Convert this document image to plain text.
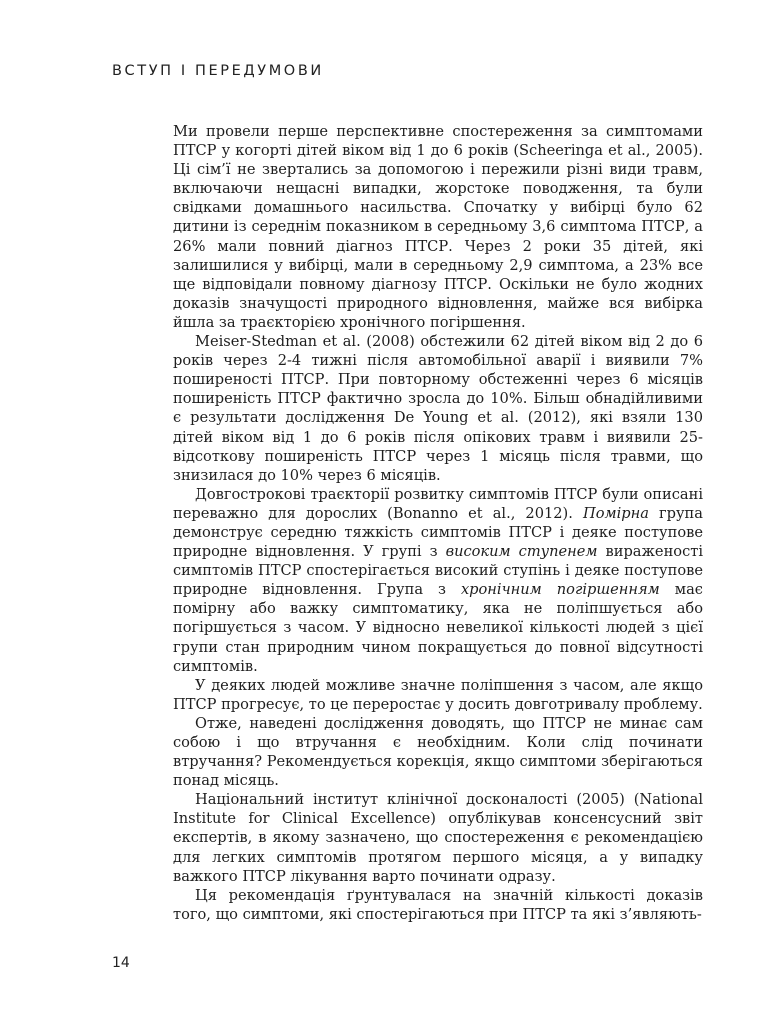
ВСТУП І ПЕРЕДУМОВИ

Ми провели перше перспективне спостереження за симптомами ПТСР у когорті дітей віком від 1 до 6 років (Scheeringa et al., 2005). Ці сім’ї не звертались за допомогою і пережили різні види травм, включаючи нещасні випадки, жорстоке поводження, та були свідками домашнього насильства. Спочатку у вибірці було 62 дитини із середнім показником в середньому 3,6 симптома ПТСР, а 26% мали повний діагноз ПТСР. Через 2 роки 35 дітей, які залишилися у вибірці, мали в середньому 2,9 симптома, а 23% все ще відповідали повному діагнозу ПТСР. Оскільки не було жодних доказів значущості природного відновлення, майже вся вибірка йшла за траєкторією хронічного погіршення.

Meiser-Stedman et al. (2008) обстежили 62 дітей віком від 2 до 6 років через 2-4 тижні після автомобільної аварії і виявили 7% поширеності ПТСР. При повторному обстеженні через 6 місяців поширеність ПТСР фактично зросла до 10%. Більш обнадійливими є результати дослідження De Young et al. (2012), які взяли 130 дітей віком від 1 до 6 років після опікових травм і виявили 25-відсоткову поширеність ПТСР через 1 місяць після травми, що знизилася до 10% через 6 місяців.

Довгострокові траєкторії розвитку симптомів ПТСР були описані переважно для дорослих (Bonanno et al., 2012). Помірна група демонструє середню тяжкість симптомів ПТСР і деяке поступове природне відновлення. У групі з високим ступенем вираженості симптомів ПТСР спостерігається високий ступінь і деяке поступове природне відновлення. Група з хронічним погіршенням має помірну або важку симптоматику, яка не поліпшується або погіршується з часом. У відносно невеликої кількості людей з цієї групи стан природним чином покращується до повної відсутності симптомів.

У деяких людей можливе значне поліпшення з часом, але якщо ПТСР прогресує, то це переростає у досить довготривалу проблему.

Отже, наведені дослідження доводять, що ПТСР не минає сам собою і що втручання є необхідним. Коли слід починати втручання? Рекомендується корекція, якщо симптоми зберігаються понад місяць.

Національний інститут клінічної досконалості (2005) (National Institute for Clinical Excellence) опублікував консенсусний звіт експертів, в якому зазначено, що спостереження є рекомендацією для легких симптомів протягом першого місяця, а у випадку важкого ПТСР лікування варто починати одразу.

Ця рекомендація ґрунтувалася на значній кількості доказів того, що симптоми, які спостерігаються при ПТСР та які з’являють-

14
